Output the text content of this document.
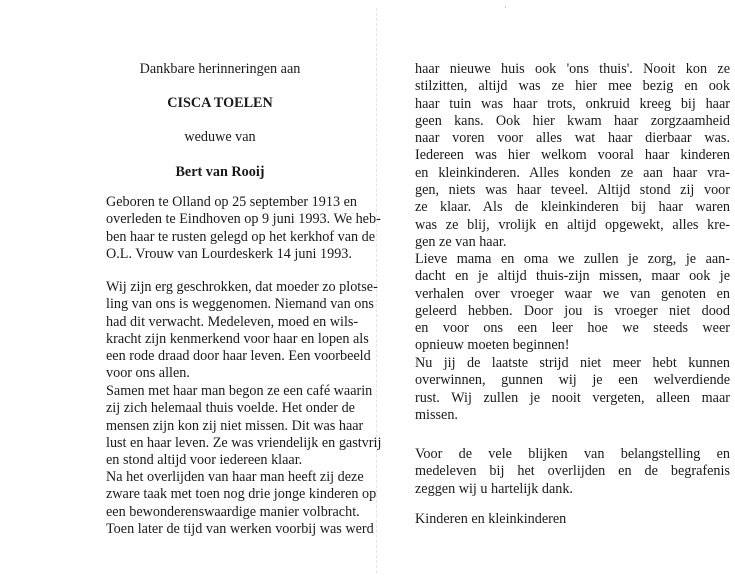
Dankbare herinneringen aan

CISCA TOELEN

weduwe van

Bert van Rooij

Geboren te Olland op 25 september 1913 en
overleden te Eindhoven op 9 juni 1993. We heb-
ben haar te rusten gelegd op het kerkhof van de
O.L. Vrouw van Lourdeskerk 14 juni 1993.
Wij zijn erg geschrokken, dat moeder zo plotse-
ling van ons is weggenomen. Niemand van ons
had dit verwacht. Medeleven, moed en wils-
kracht zijn kenmerkend voor haar en lopen als
een rode draad door haar leven. Een voorbeeld
voor ons allen.
Samen met haar man begon ze een café waarin
zij zich helemaal thuis voelde. Het onder de
mensen zijn kon zij niet missen. Dit was haar
lust en haar leven. Ze was vriendelijk en gastvrij
en stond altijd voor iedereen klaar.
Na het overlijden van haar man heeft zij deze
zware taak met toen nog drie jonge kinderen op
een bewonderenswaardige manier volbracht.
Toen later de tijd van werken voorbij was werd
haar nieuwe huis ook 'ons thuis'. Nooit kon ze
stilzitten, altijd was ze hier mee bezig en ook
haar tuin was haar trots, onkruid kreeg bij haar
geen kans. Ook hier kwam haar zorgzaamheid
naar voren voor alles wat haar dierbaar was.
Iedereen was hier welkom vooral haar kinderen
en kleinkinderen. Alles konden ze aan haar vra-
gen, niets was haar teveel. Altijd stond zij voor
ze klaar. Als de kleinkinderen bij haar waren
was ze blij, vrolijk en altijd opgewekt, alles kre-
gen ze van haar.
Lieve mama en oma we zullen je zorg, je aan-
dacht en je altijd thuis-zijn missen, maar ook je
verhalen over vroeger waar we van genoten en
geleerd hebben. Door jou is vroeger niet dood
en voor ons een leer hoe we steeds weer
opnieuw moeten beginnen!
Nu jij de laatste strijd niet meer hebt kunnen
overwinnen, gunnen wij je een welverdiende
rust. Wij zullen je nooit vergeten, alleen maar
missen.
Voor de vele blijken van belangstelling en
medeleven bij het overlijden en de begrafenis
zeggen wij u hartelijk dank.

Kinderen en kleinkinderen
